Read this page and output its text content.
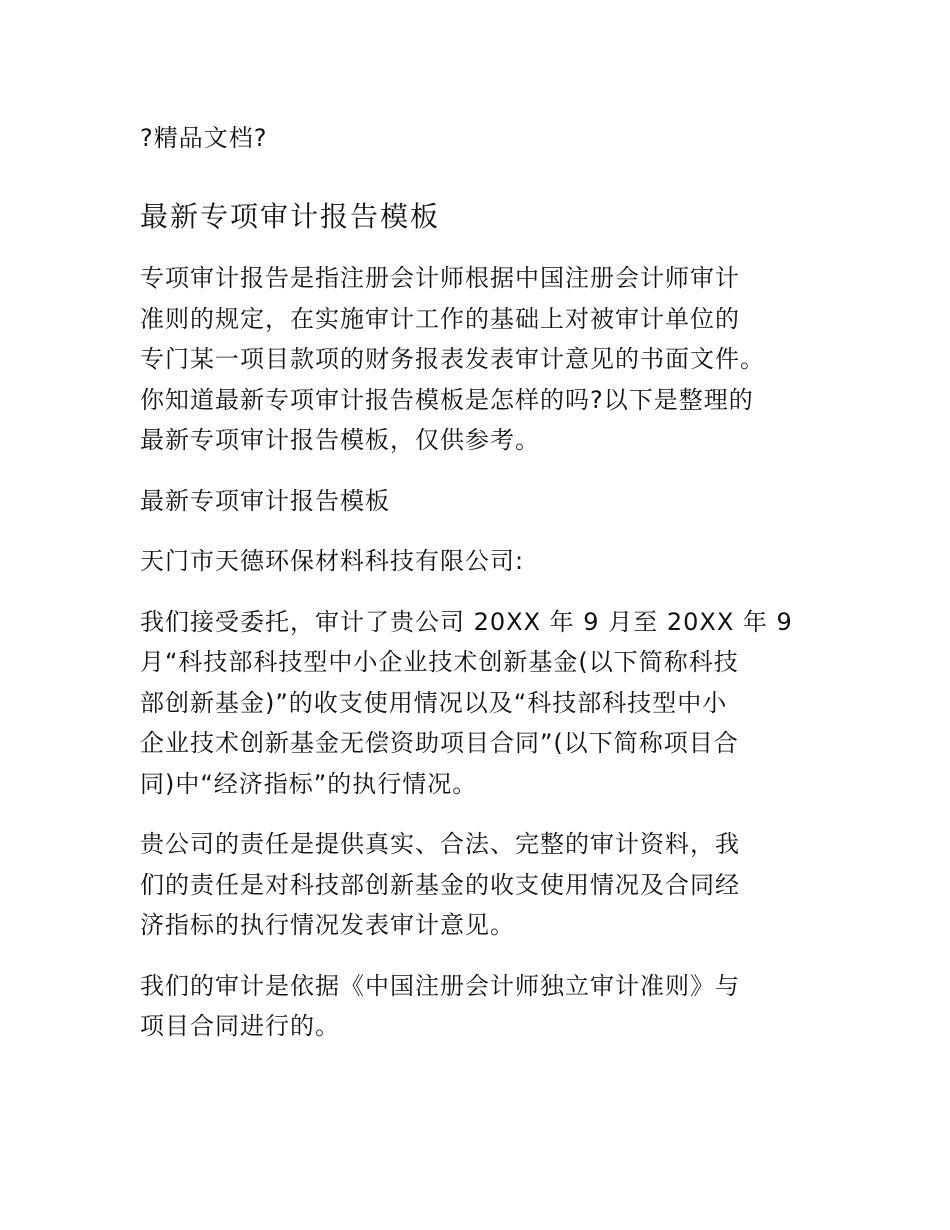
?精品文档?
最新专项审计报告模板

专项审计报告是指注册会计师根据中国注册会计师审计
准则的规定，在实施审计工作的基础上对被审计单位的
专门某一项目款项的财务报表发表审计意见的书面文件。
你知道最新专项审计报告模板是怎样的吗?以下是整理的
最新专项审计报告模板，仅供参考。

最新专项审计报告模板

天门市天德环保材料科技有限公司:

我们接受委托，审计了贵公司 20XX 年 9 月至 20XX 年 9
月“科技部科技型中小企业技术创新基金(以下简称科技
部创新基金)”的收支使用情况以及“科技部科技型中小
企业技术创新基金无偿资助项目合同”(以下简称项目合
同)中“经济指标”的执行情况。

贵公司的责任是提供真实、合法、完整的审计资料，我
们的责任是对科技部创新基金的收支使用情况及合同经
济指标的执行情况发表审计意见。

我们的审计是依据《中国注册会计师独立审计准则》与
项目合同进行的。
